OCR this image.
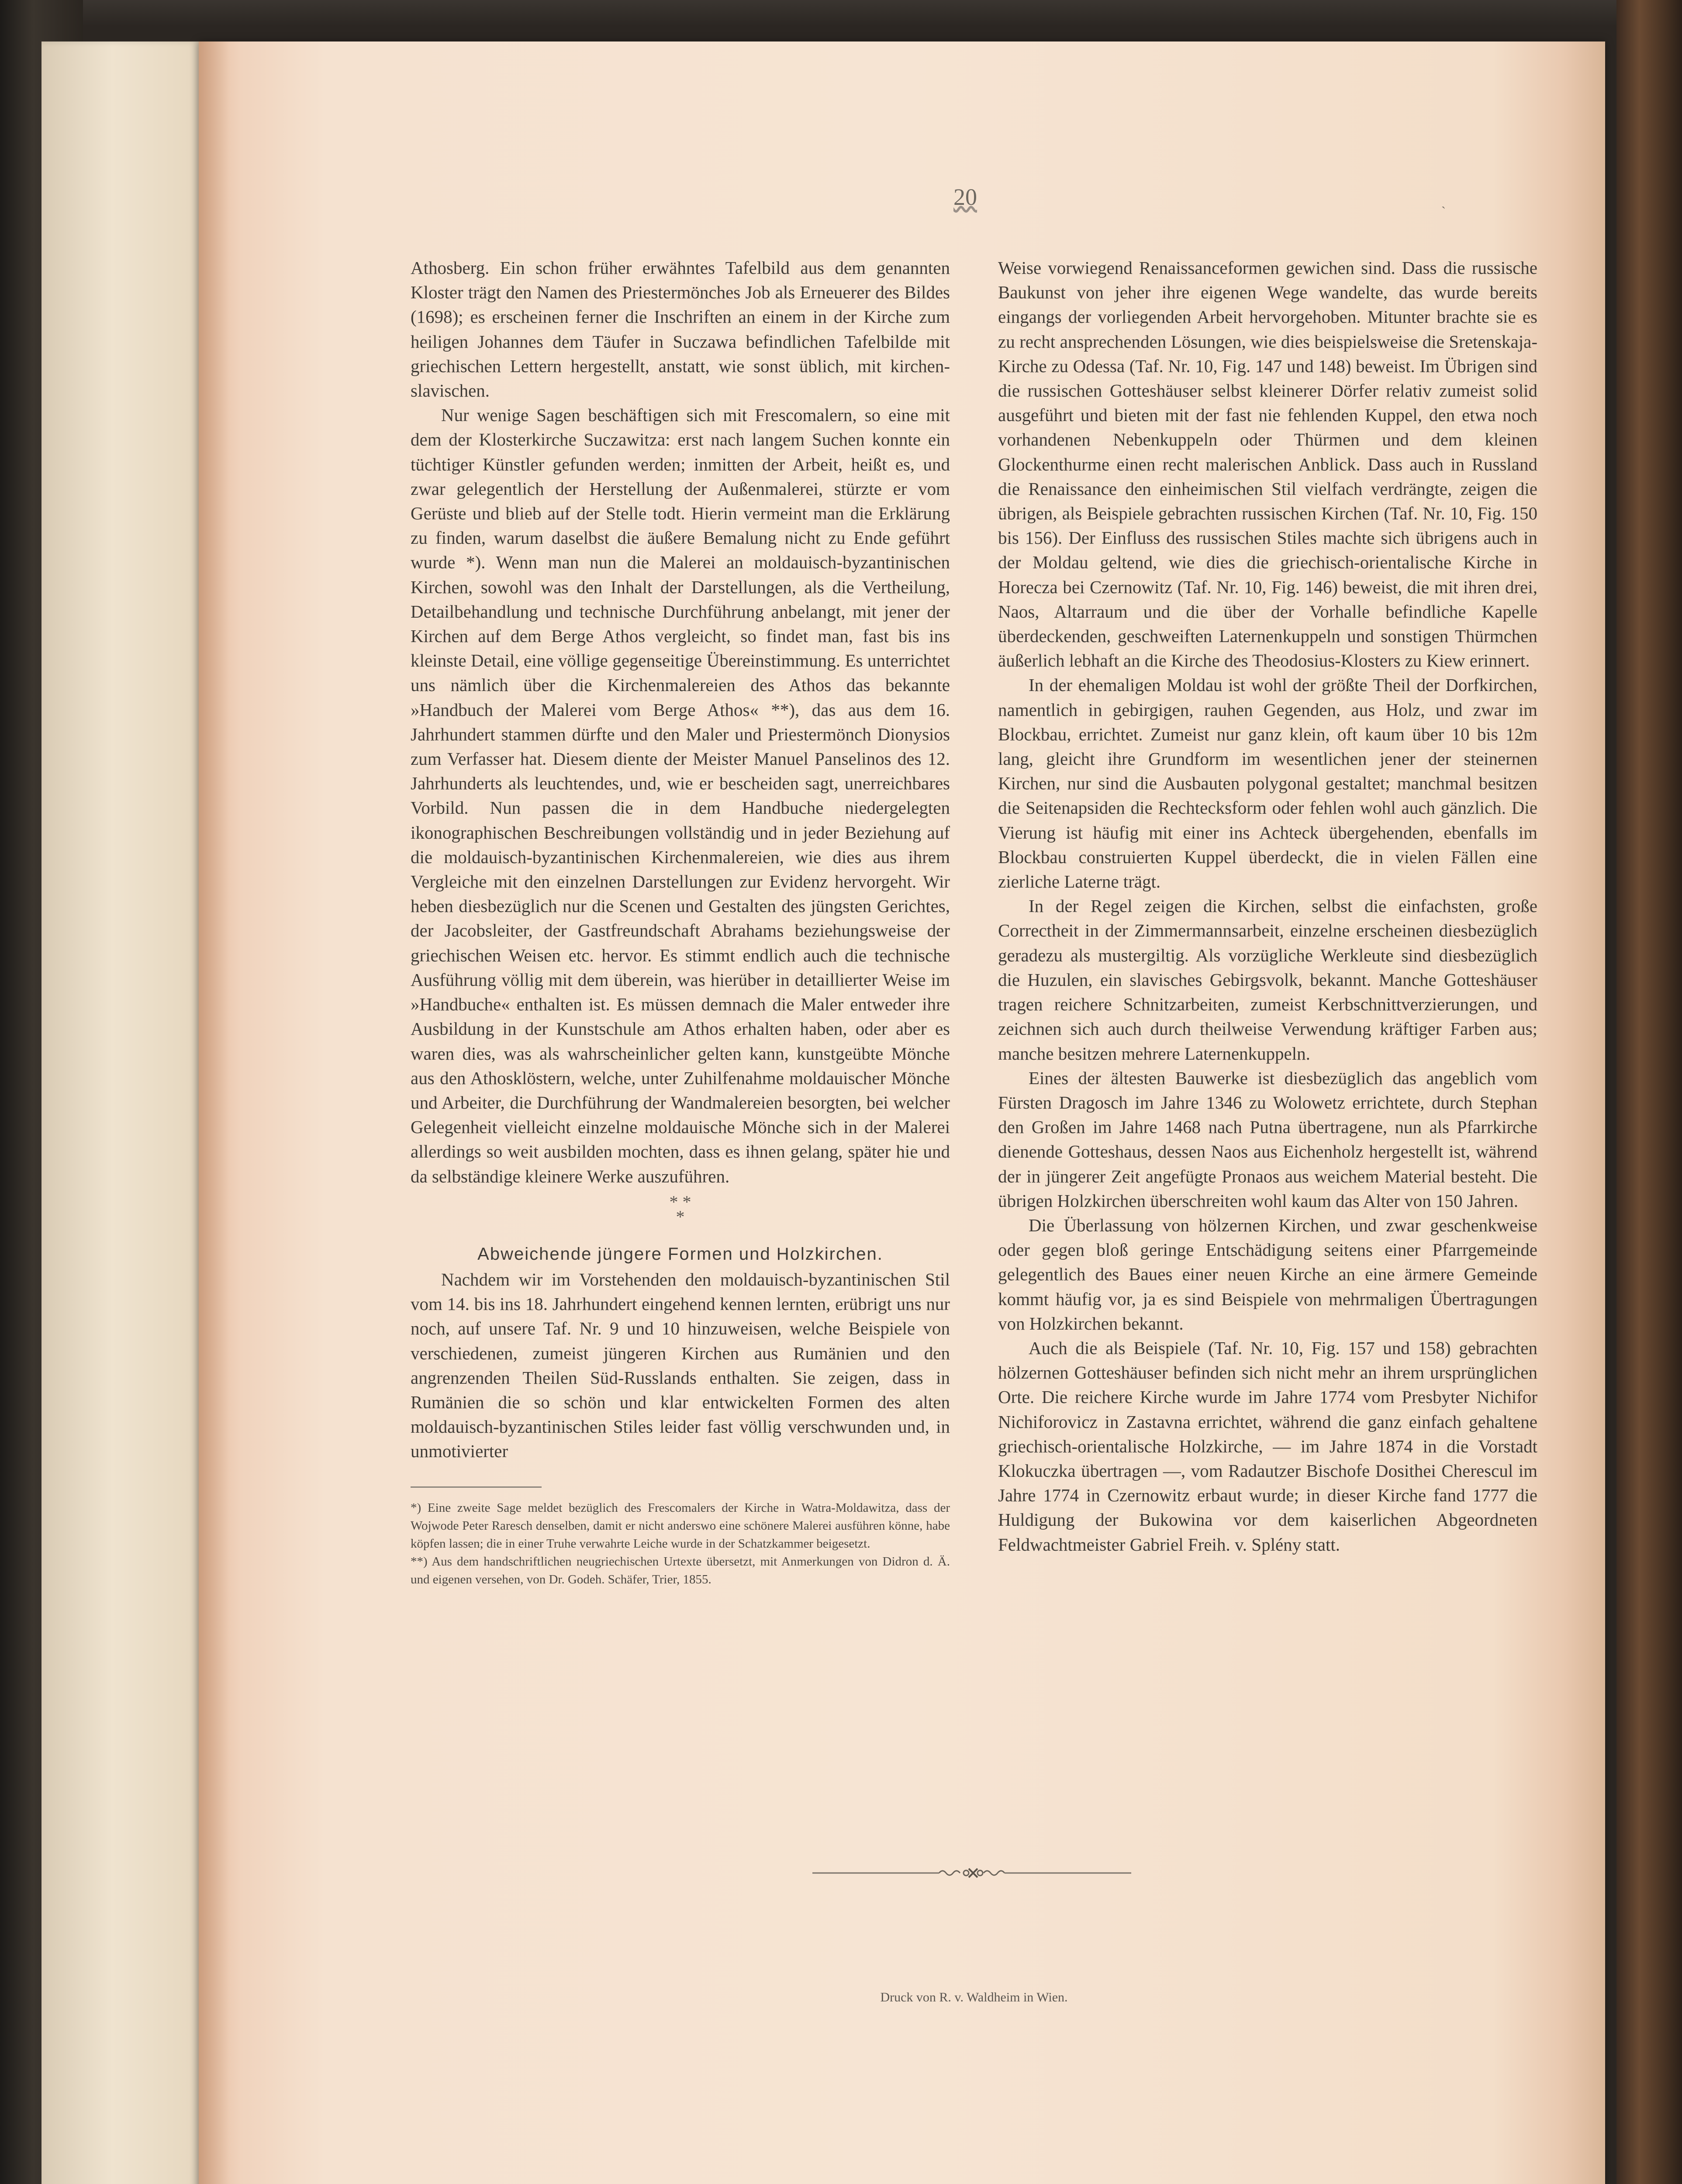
20	ˏ

Athosberg. Ein schon früher erwähntes Tafelbild aus dem genannten Kloster trägt den Namen des Priestermönches Job als Erneuerer des Bildes (1698); es erscheinen ferner die Inschriften an einem in der Kirche zum heiligen Johannes dem Täufer in Suczawa befindlichen Tafelbilde mit griechischen Lettern hergestellt, anstatt, wie sonst üblich, mit kirchen-slavischen.

Nur wenige Sagen beschäftigen sich mit Frescomalern, so eine mit dem der Klosterkirche Suczawitza: erst nach langem Suchen konnte ein tüchtiger Künstler gefunden werden; inmitten der Arbeit, heißt es, und zwar gelegentlich der Herstellung der Außenmalerei, stürzte er vom Gerüste und blieb auf der Stelle todt. Hierin vermeint man die Erklärung zu finden, warum daselbst die äußere Bemalung nicht zu Ende geführt wurde *). Wenn man nun die Malerei an moldauisch-byzantinischen Kirchen, sowohl was den Inhalt der Darstellungen, als die Vertheilung, Detailbehandlung und technische Durchführung anbelangt, mit jener der Kirchen auf dem Berge Athos vergleicht, so findet man, fast bis ins kleinste Detail, eine völlige gegenseitige Übereinstimmung. Es unterrichtet uns nämlich über die Kirchenmalereien des Athos das bekannte »Handbuch der Malerei vom Berge Athos« **), das aus dem 16. Jahrhundert stammen dürfte und den Maler und Priestermönch Dionysios zum Verfasser hat. Diesem diente der Meister Manuel Panselinos des 12. Jahrhunderts als leuchtendes, und, wie er bescheiden sagt, unerreichbares Vorbild. Nun passen die in dem Handbuche niedergelegten ikonographischen Beschreibungen vollständig und in jeder Beziehung auf die moldauisch-byzantinischen Kirchenmalereien, wie dies aus ihrem Vergleiche mit den einzelnen Darstellungen zur Evidenz hervorgeht. Wir heben diesbezüglich nur die Scenen und Gestalten des jüngsten Gerichtes, der Jacobsleiter, der Gastfreundschaft Abrahams beziehungsweise der griechischen Weisen etc. hervor. Es stimmt endlich auch die technische Ausführung völlig mit dem überein, was hierüber in detaillierter Weise im »Handbuche« enthalten ist. Es müssen demnach die Maler entweder ihre Ausbildung in der Kunstschule am Athos erhalten haben, oder aber es waren dies, was als wahrscheinlicher gelten kann, kunstgeübte Mönche aus den Athosklöstern, welche, unter Zuhilfenahme moldauischer Mönche und Arbeiter, die Durchführung der Wandmalereien besorgten, bei welcher Gelegenheit vielleicht einzelne moldauische Mönche sich in der Malerei allerdings so weit ausbilden mochten, dass es ihnen gelang, später hie und da selbständige kleinere Werke auszuführen.

* *
*
Abweichende jüngere Formen und Holzkirchen.

Nachdem wir im Vorstehenden den moldauisch-byzantinischen Stil vom 14. bis ins 18. Jahrhundert eingehend kennen lernten, erübrigt uns nur noch, auf unsere Taf. Nr. 9 und 10 hinzuweisen, welche Beispiele von verschiedenen, zumeist jüngeren Kirchen aus Rumänien und den angrenzenden Theilen Süd-Russlands enthalten. Sie zeigen, dass in Rumänien die so schön und klar entwickelten Formen des alten moldauisch-byzantinischen Stiles leider fast völlig verschwunden und, in unmotivierter

*) Eine zweite Sage meldet bezüglich des Frescomalers der Kirche in Watra-Moldawitza, dass der Wojwode Peter Raresch denselben, damit er nicht anderswo eine schönere Malerei ausführen könne, habe köpfen lassen; die in einer Truhe verwahrte Leiche wurde in der Schatzkammer beigesetzt.

**) Aus dem handschriftlichen neugriechischen Urtexte übersetzt, mit Anmerkungen von Didron d. Ä. und eigenen versehen, von Dr. Godeh. Schäfer, Trier, 1855.

Weise vorwiegend Renaissanceformen gewichen sind. Dass die russische Baukunst von jeher ihre eigenen Wege wandelte, das wurde bereits eingangs der vorliegenden Arbeit hervorgehoben. Mitunter brachte sie es zu recht ansprechenden Lösungen, wie dies beispielsweise die Sretenskaja-Kirche zu Odessa (Taf. Nr. 10, Fig. 147 und 148) beweist. Im Übrigen sind die russischen Gotteshäuser selbst kleinerer Dörfer relativ zumeist solid ausgeführt und bieten mit der fast nie fehlenden Kuppel, den etwa noch vorhandenen Nebenkuppeln oder Thürmen und dem kleinen Glockenthurme einen recht malerischen Anblick. Dass auch in Russland die Renaissance den einheimischen Stil vielfach verdrängte, zeigen die übrigen, als Beispiele gebrachten russischen Kirchen (Taf. Nr. 10, Fig. 150 bis 156). Der Einfluss des russischen Stiles machte sich übrigens auch in der Moldau geltend, wie dies die griechisch-orientalische Kirche in Horecza bei Czernowitz (Taf. Nr. 10, Fig. 146) beweist, die mit ihren drei, Naos, Altarraum und die über der Vorhalle befindliche Kapelle überdeckenden, geschweiften Laternenkuppeln und sonstigen Thürmchen äußerlich lebhaft an die Kirche des Theodosius-Klosters zu Kiew erinnert.

In der ehemaligen Moldau ist wohl der größte Theil der Dorfkirchen, namentlich in gebirgigen, rauhen Gegenden, aus Holz, und zwar im Blockbau, errichtet. Zumeist nur ganz klein, oft kaum über 10 bis 12m lang, gleicht ihre Grundform im wesentlichen jener der steinernen Kirchen, nur sind die Ausbauten polygonal gestaltet; manchmal besitzen die Seitenapsiden die Rechtecksform oder fehlen wohl auch gänzlich. Die Vierung ist häufig mit einer ins Achteck übergehenden, ebenfalls im Blockbau construierten Kuppel überdeckt, die in vielen Fällen eine zierliche Laterne trägt.

In der Regel zeigen die Kirchen, selbst die einfachsten, große Correctheit in der Zimmermannsarbeit, einzelne erscheinen diesbezüglich geradezu als mustergiltig. Als vorzügliche Werkleute sind diesbezüglich die Huzulen, ein slavisches Gebirgsvolk, bekannt. Manche Gotteshäuser tragen reichere Schnitzarbeiten, zumeist Kerbschnittverzierungen, und zeichnen sich auch durch theilweise Verwendung kräftiger Farben aus; manche besitzen mehrere Laternenkuppeln.

Eines der ältesten Bauwerke ist diesbezüglich das angeblich vom Fürsten Dragosch im Jahre 1346 zu Wolowetz errichtete, durch Stephan den Großen im Jahre 1468 nach Putna übertragene, nun als Pfarrkirche dienende Gotteshaus, dessen Naos aus Eichenholz hergestellt ist, während der in jüngerer Zeit angefügte Pronaos aus weichem Material besteht. Die übrigen Holzkirchen überschreiten wohl kaum das Alter von 150 Jahren.

Die Überlassung von hölzernen Kirchen, und zwar geschenkweise oder gegen bloß geringe Entschädigung seitens einer Pfarrgemeinde gelegentlich des Baues einer neuen Kirche an eine ärmere Gemeinde kommt häufig vor, ja es sind Beispiele von mehrmaligen Übertragungen von Holzkirchen bekannt.

Auch die als Beispiele (Taf. Nr. 10, Fig. 157 und 158) gebrachten hölzernen Gotteshäuser befinden sich nicht mehr an ihrem ursprünglichen Orte. Die reichere Kirche wurde im Jahre 1774 vom Presbyter Nichifor Nichiforovicz in Zastavna errichtet, während die ganz einfach gehaltene griechisch-orientalische Holzkirche, — im Jahre 1874 in die Vorstadt Klokuczka übertragen —, vom Radautzer Bischofe Dosithei Cherescul im Jahre 1774 in Czernowitz erbaut wurde; in dieser Kirche fand 1777 die Huldigung der Bukowina vor dem kaiserlichen Abgeordneten Feldwachtmeister Gabriel Freih. v. Splény statt.

Druck von R. v. Waldheim in Wien.
